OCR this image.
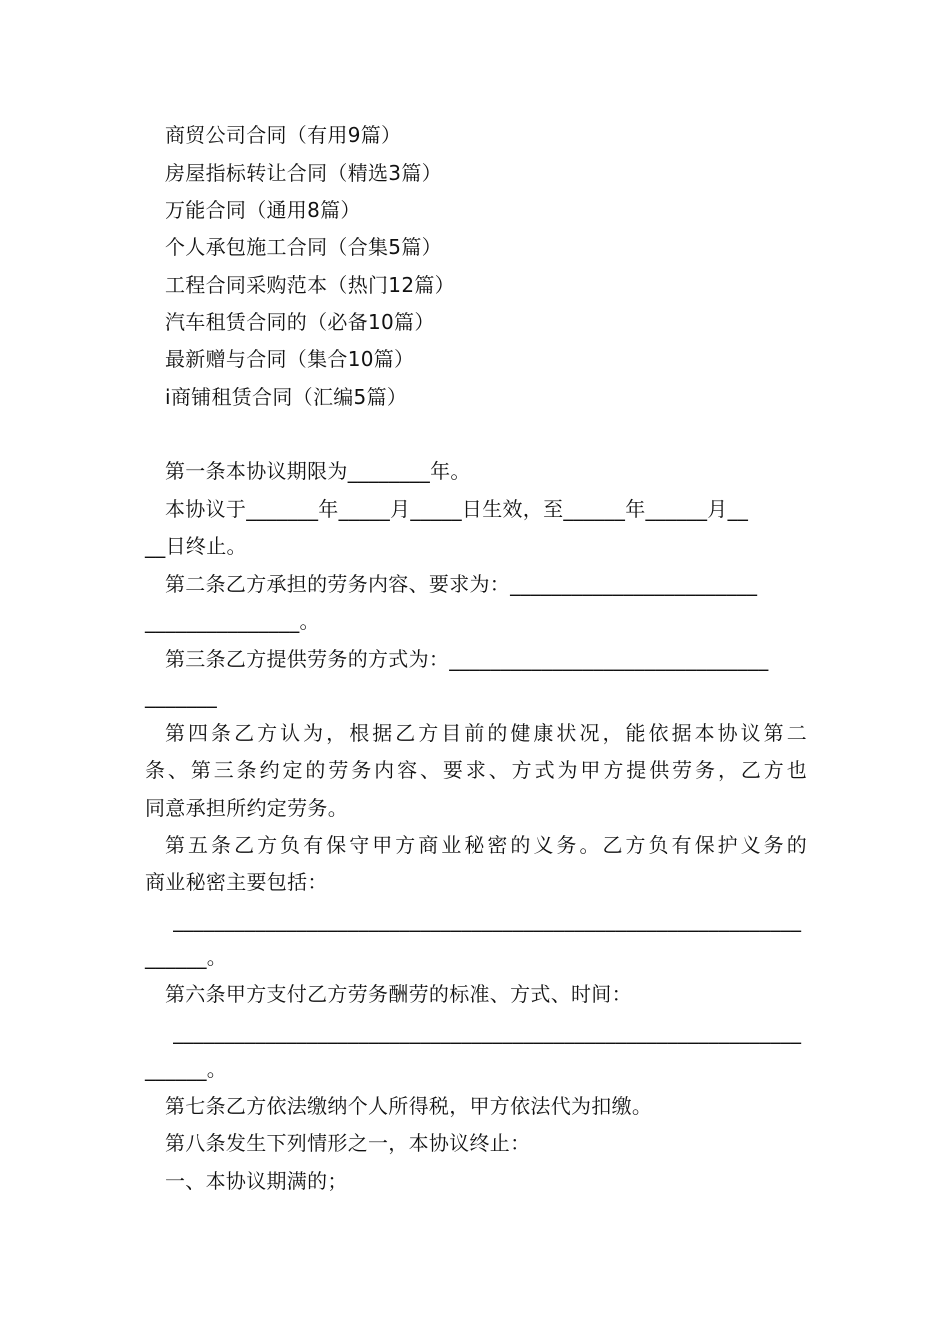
商贸公司合同（有用9篇）
房屋指标转让合同（精选3篇）
万能合同（通用8篇）
个人承包施工合同（合集5篇）
工程合同采购范本（热门12篇）
汽车租赁合同的（必备10篇）
最新赠与合同（集合10篇）
i商铺租赁合同（汇编5篇）
第一条本协议期限为________年。
本协议于_______年_____月_____日生效，至______年______月__
__日终止。
第二条乙方承担的劳务内容、要求为：________________________
_______________。
第三条乙方提供劳务的方式为：_______________________________
_______
第四条乙方认为，根据乙方目前的健康状况，能依据本协议第二
条、第三条约定的劳务内容、要求、方式为甲方提供劳务，乙方也
同意承担所约定劳务。
第五条乙方负有保守甲方商业秘密的义务。乙方负有保护义务的
商业秘密主要包括：
_____________________________________________________________
______。
第六条甲方支付乙方劳务酬劳的标准、方式、时间：
_____________________________________________________________
______。
第七条乙方依法缴纳个人所得税，甲方依法代为扣缴。
第八条发生下列情形之一，本协议终止：
一、本协议期满的；
